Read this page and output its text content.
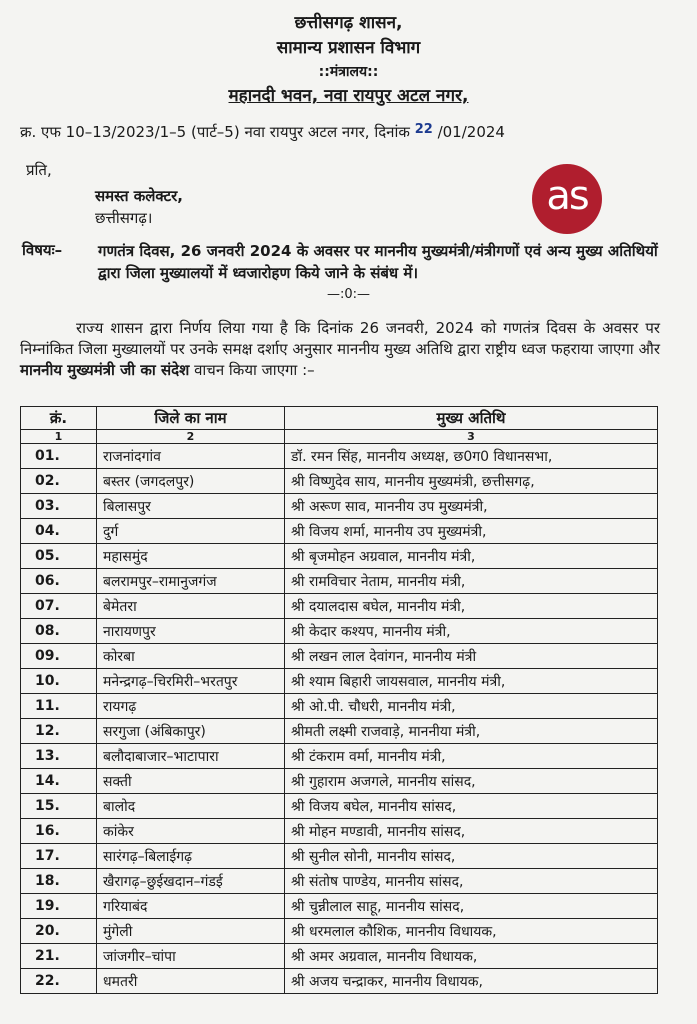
छत्तीसगढ़ शासन,
सामान्य प्रशासन विभाग
::मंत्रालय::
महानदी भवन, नवा रायपुर अटल नगर,
क्र. एफ 10–13/2023/1–5 (पार्ट–5) नवा रायपुर अटल नगर, दिनांक 22 /01/2024
प्रति,
समस्त कलेक्टर,
छत्तीसगढ़।	as
विषयः– गणतंत्र दिवस, 26 जनवरी 2024 के अवसर पर माननीय मुख्यमंत्री/मंत्रीगणों एवं अन्य मुख्य अतिथियों द्वारा जिला मुख्यालयों में ध्वजारोहण किये जाने के संबंध में।
—:0:—
राज्य शासन द्वारा निर्णय लिया गया है कि दिनांक 26 जनवरी, 2024 को गणतंत्र दिवस के अवसर पर निम्नांकित जिला मुख्यालयों पर उनके समक्ष दर्शाए अनुसार माननीय मुख्य अतिथि द्वारा राष्ट्रीय ध्वज फहराया जाएगा और माननीय मुख्यमंत्री जी का संदेश वाचन किया जाएगा :–
क्रं.	जिले का नाम	मुख्य अतिथि
1	2	3
01.	राजनांदगांव	डॉ. रमन सिंह, माननीय अध्यक्ष, छ0ग0 विधानसभा,
02.	बस्तर (जगदलपुर)	श्री विष्णुदेव साय, माननीय मुख्यमंत्री, छत्तीसगढ़,
03.	बिलासपुर	श्री अरूण साव, माननीय उप मुख्यमंत्री,
04.	दुर्ग	श्री विजय शर्मा, माननीय उप मुख्यमंत्री,
05.	महासमुंद	श्री बृजमोहन अग्रवाल, माननीय मंत्री,
06.	बलरामपुर–रामानुजगंज	श्री रामविचार नेताम, माननीय मंत्री,
07.	बेमेतरा	श्री दयालदास बघेल, माननीय मंत्री,
08.	नारायणपुर	श्री केदार कश्यप, माननीय मंत्री,
09.	कोरबा	श्री लखन लाल देवांगन, माननीय मंत्री
10.	मनेन्द्रगढ़–चिरमिरी–भरतपुर	श्री श्याम बिहारी जायसवाल, माननीय मंत्री,
11.	रायगढ़	श्री ओ.पी. चौधरी, माननीय मंत्री,
12.	सरगुजा (अंबिकापुर)	श्रीमती लक्ष्मी राजवाड़े, माननीया मंत्री,
13.	बलौदाबाजार–भाटापारा	श्री टंकराम वर्मा, माननीय मंत्री,
14.	सक्ती	श्री गुहाराम अजगले, माननीय सांसद,
15.	बालोद	श्री विजय बघेल, माननीय सांसद,
16.	कांकेर	श्री मोहन मण्डावी, माननीय सांसद,
17.	सारंगढ़–बिलाईगढ़	श्री सुनील सोनी, माननीय सांसद,
18.	खैरागढ़–छुईखदान–गंडई	श्री संतोष पाण्डेय, माननीय सांसद,
19.	गरियाबंद	श्री चुन्नीलाल साहू, माननीय सांसद,
20.	मुंगेली	श्री धरमलाल कौशिक, माननीय विधायक,
21.	जांजगीर–चांपा	श्री अमर अग्रवाल, माननीय विधायक,
22.	धमतरी	श्री अजय चन्द्राकर, माननीय विधायक,
